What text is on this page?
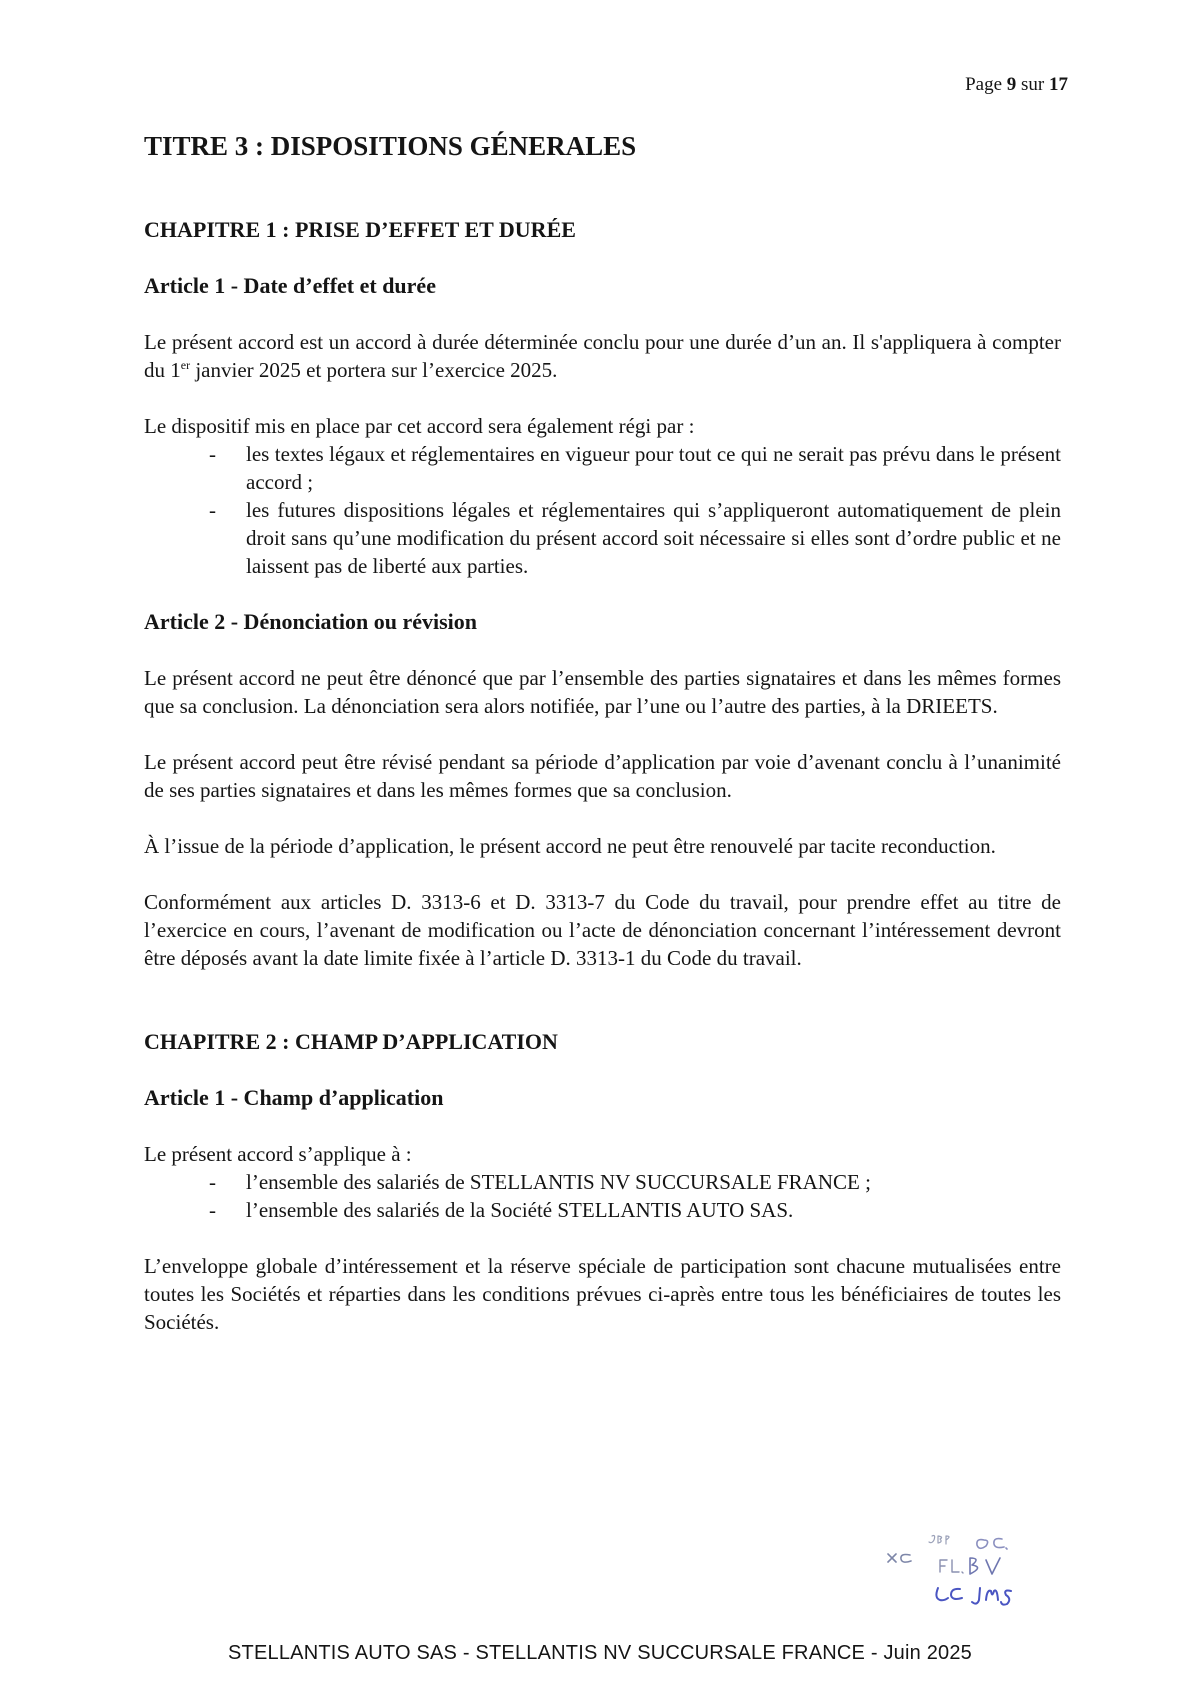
Page 9 sur 17
TITRE 3 : DISPOSITIONS GÉNERALES
CHAPITRE 1 : PRISE D’EFFET ET DURÉE
Article 1 - Date d’effet et durée

Le présent accord est un accord à durée déterminée conclu pour une durée d’un an. Il s'appliquera à compter du 1er janvier 2025 et portera sur l’exercice 2025.

Le dispositif mis en place par cet accord sera également régi par :

- les textes légaux et réglementaires en vigueur pour tout ce qui ne serait pas prévu dans le présent accord ;
- les futures dispositions légales et réglementaires qui s’appliqueront automatiquement de plein droit sans qu’une modification du présent accord soit nécessaire si elles sont d’ordre public et ne laissent pas de liberté aux parties.
Article 2 - Dénonciation ou révision

Le présent accord ne peut être dénoncé que par l’ensemble des parties signataires et dans les mêmes formes que sa conclusion. La dénonciation sera alors notifiée, par l’une ou l’autre des parties, à la DRIEETS.

Le présent accord peut être révisé pendant sa période d’application par voie d’avenant conclu à l’unanimité de ses parties signataires et dans les mêmes formes que sa conclusion.

À l’issue de la période d’application, le présent accord ne peut être renouvelé par tacite reconduction.

Conformément aux articles D. 3313-6 et D. 3313-7 du Code du travail, pour prendre effet au titre de l’exercice en cours, l’avenant de modification ou l’acte de dénonciation concernant l’intéressement devront être déposés avant la date limite fixée à l’article D. 3313-1 du Code du travail.

CHAPITRE 2 : CHAMP D’APPLICATION
Article 1 - Champ d’application

Le présent accord s’applique à :

- l’ensemble des salariés de STELLANTIS NV SUCCURSALE FRANCE ;
- l’ensemble des salariés de la Société STELLANTIS AUTO SAS.

L’enveloppe globale d’intéressement et la réserve spéciale de participation sont chacune mutualisées entre toutes les Sociétés et réparties dans les conditions prévues ci-après entre tous les bénéficiaires de toutes les Sociétés.

STELLANTIS AUTO SAS - STELLANTIS NV SUCCURSALE FRANCE - Juin 2025
